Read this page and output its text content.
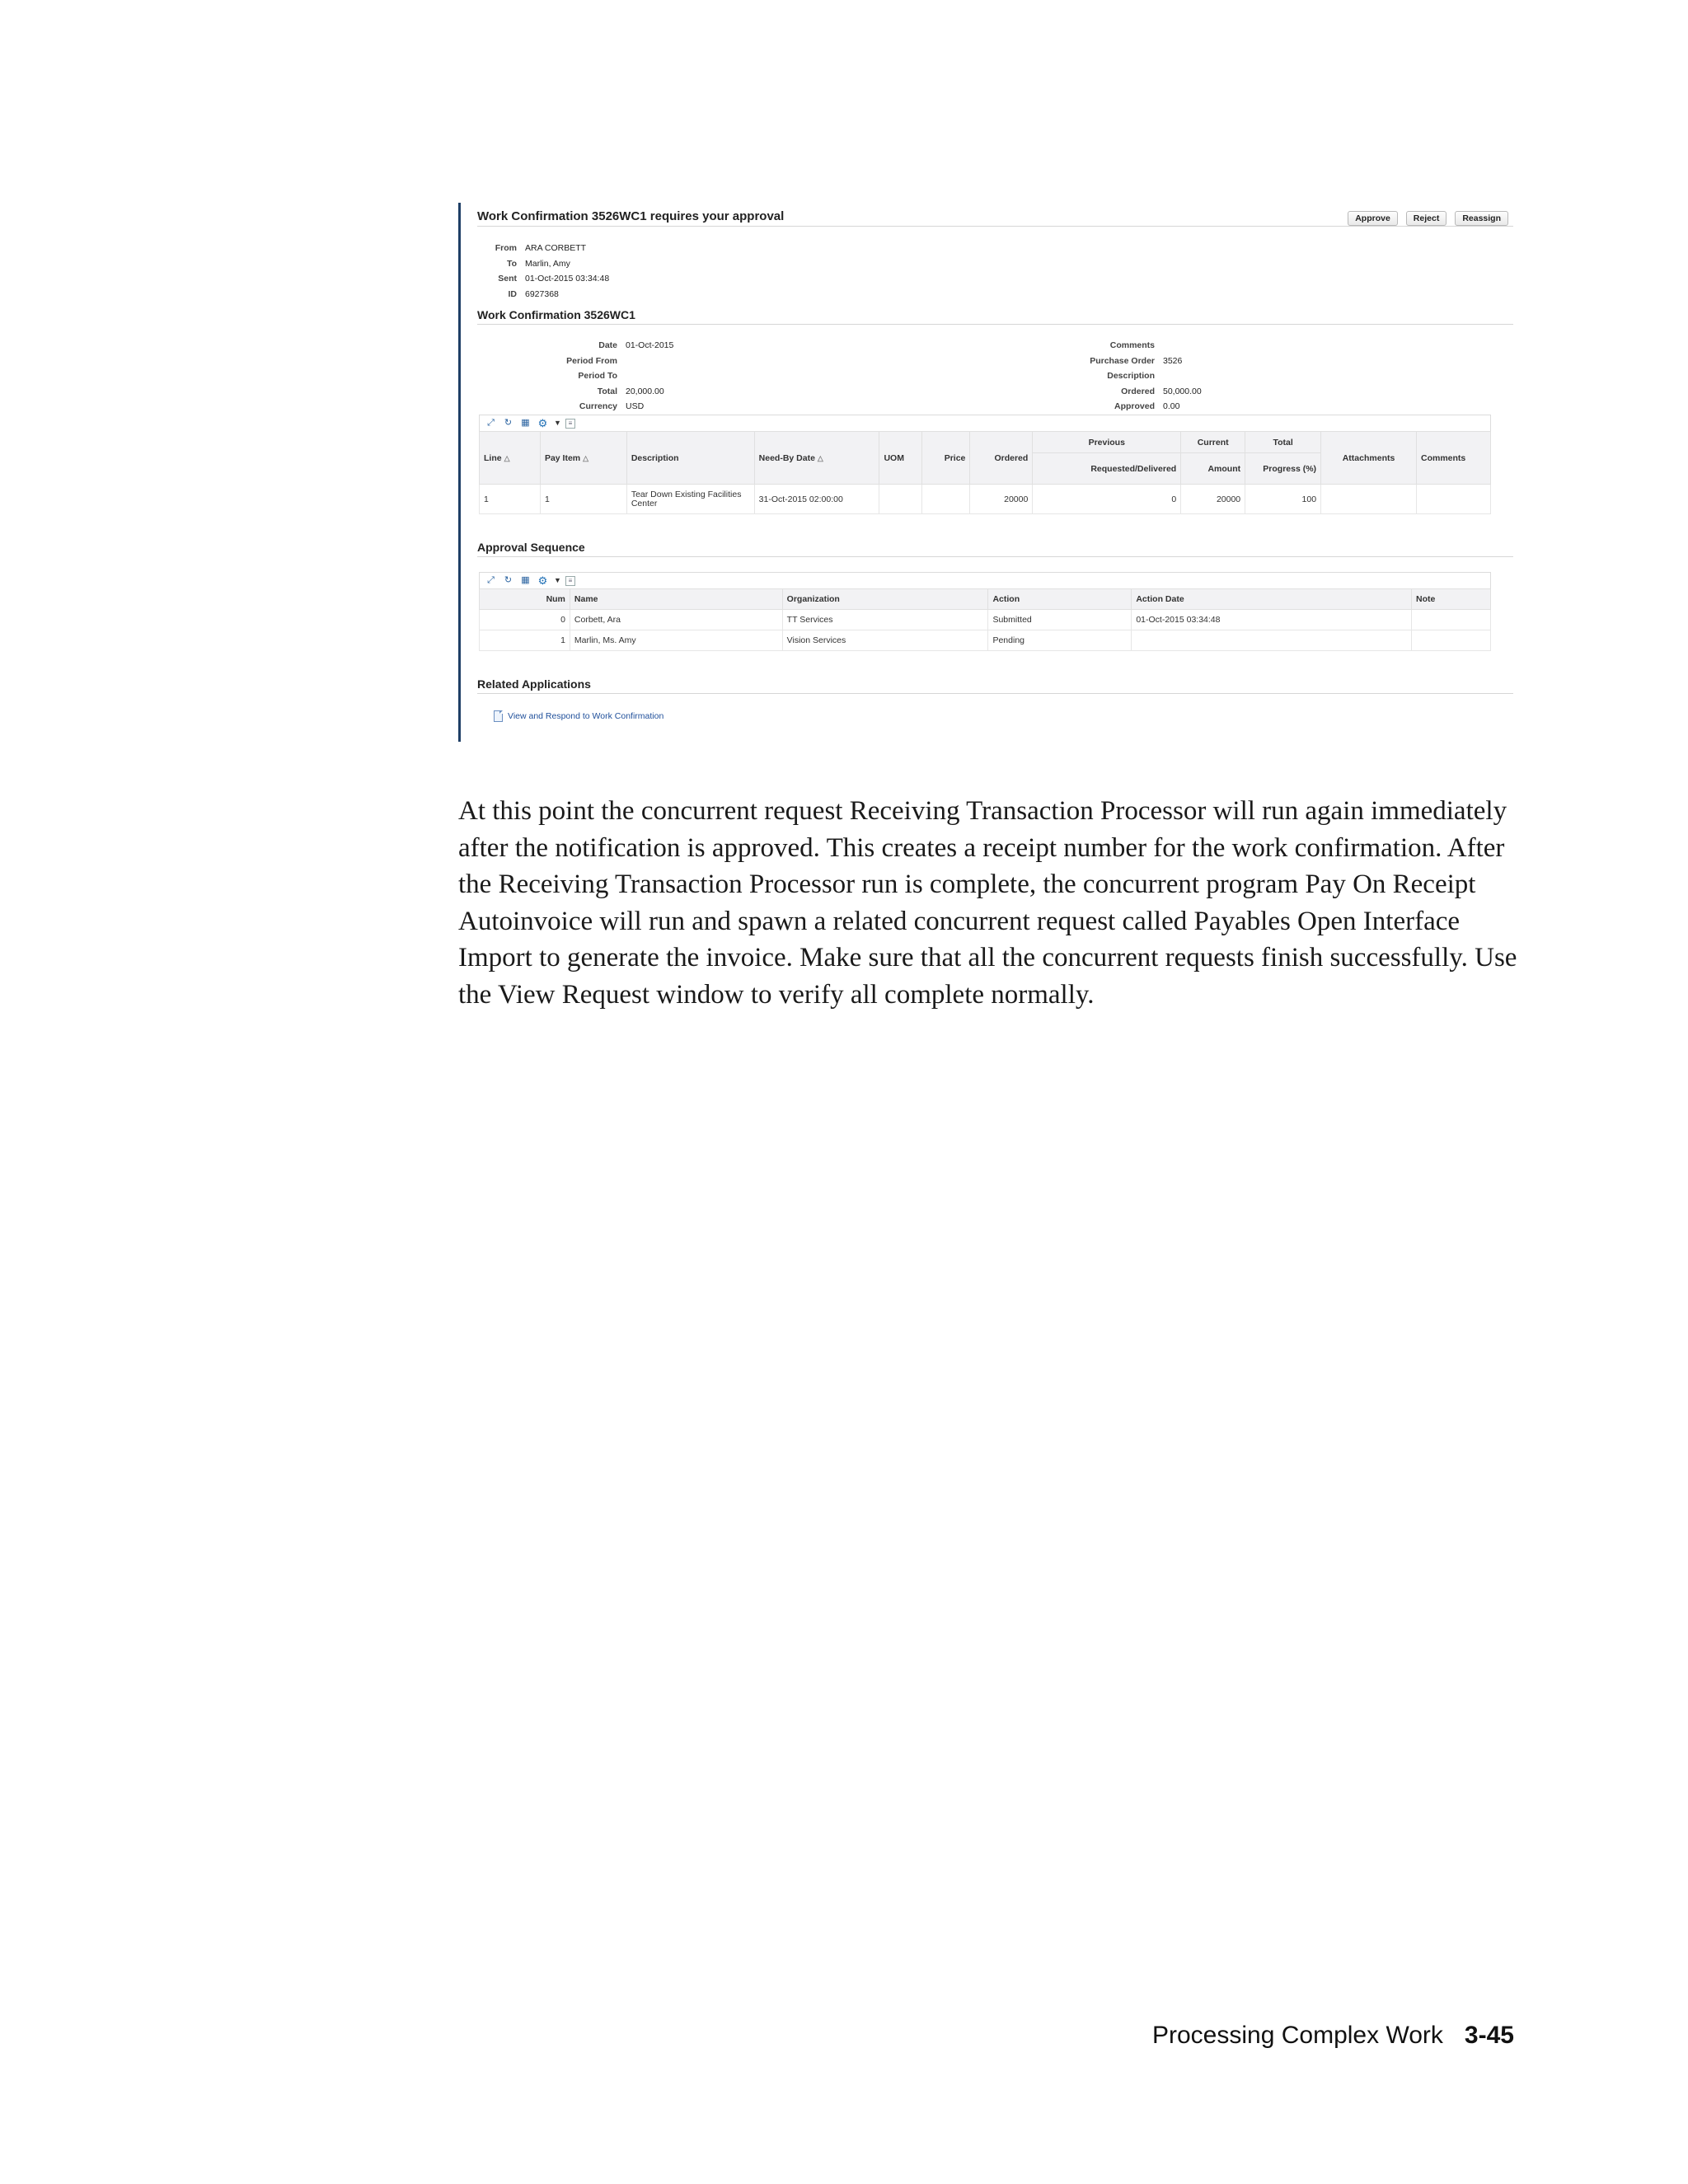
Work Confirmation 3526WC1 requires your approval	Approve	Reject	Reassign
From ARA CORBETT
To Marlin, Amy
Sent 01-Oct-2015 03:34:48
ID 6927368
Work Confirmation 3526WC1
Date 01-Oct-2015
Period From
Period To
Total 20,000.00
Currency USD
Comments
Purchase Order 3526
Description
Ordered 50,000.00
Approved 0.00
⤢ ↻ ▦ ⚙ ▼	≡
Line △	Pay Item △	Description	Need-By Date △	UOM	Price	Ordered	Previous	Current	Total	Attachments	Comments
							Requested/Delivered	Amount	Progress (%)		
1	1	Tear Down Existing Facilities Center	31-Oct-2015 02:00:00			20000	0	20000	100		
Approval Sequence
⤢ ↻ ▦ ⚙ ▼	≡
Num	Name	Organization	Action	Action Date	Note
0	Corbett, Ara	TT Services	Submitted	01-Oct-2015 03:34:48	
1	Marlin, Ms. Amy	Vision Services	Pending		
Related Applications
View and Respond to Work Confirmation

At this point the concurrent request Receiving Transaction Processor will run again immediately after the notification is approved. This creates a receipt number for the work confirmation. After the Receiving Transaction Processor run is complete, the concurrent program Pay On Receipt Autoinvoice will run and spawn a related concurrent request called Payables Open Interface Import to generate the invoice. Make sure that all the concurrent requests finish successfully. Use the View Request window to verify all complete normally.

Processing Complex Work 3-45
